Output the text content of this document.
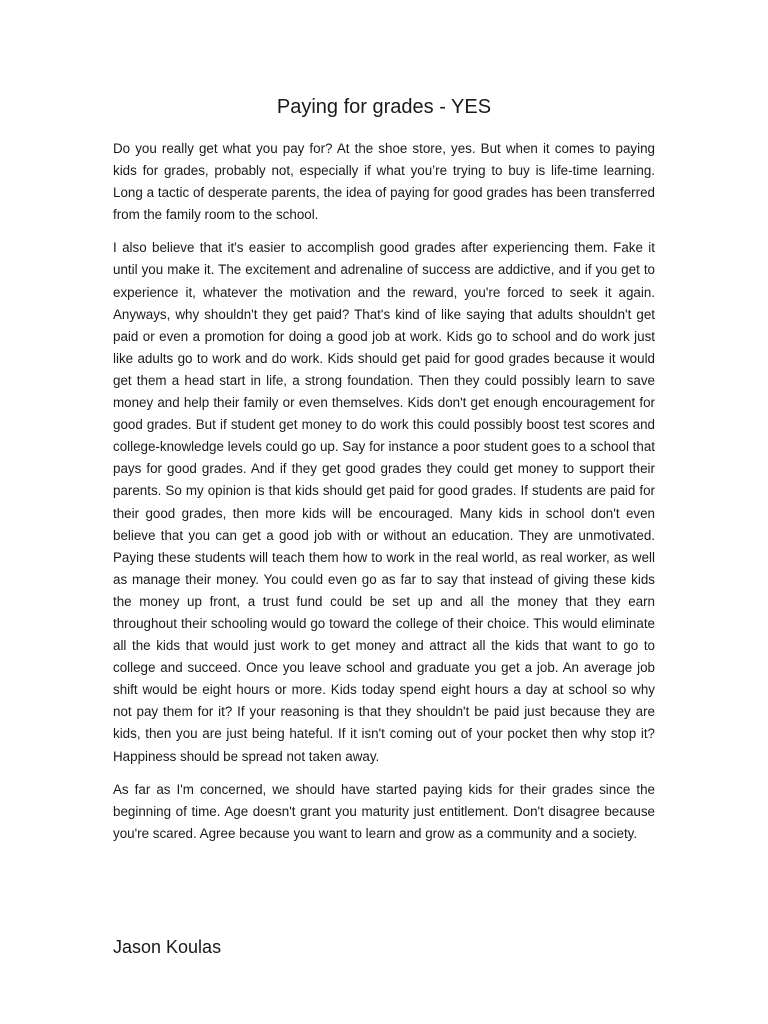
Paying for grades - YES

Do you really get what you pay for? At the shoe store, yes. But when it comes to paying kids for grades, probably not, especially if what you’re trying to buy is life-time learning. Long a tactic of desperate parents, the idea of paying for good grades has been transferred from the family room to the school.

I also believe that it's easier to accomplish good grades after experiencing them. Fake it until you make it. The excitement and adrenaline of success are addictive, and if you get to experience it, whatever the motivation and the reward, you're forced to seek it again. Anyways, why shouldn't they get paid? That's kind of like saying that adults shouldn't get paid or even a promotion for doing a good job at work. Kids go to school and do work just like adults go to work and do work. Kids should get paid for good grades because it would get them a head start in life, a strong foundation. Then they could possibly learn to save money and help their family or even themselves. Kids don't get enough encouragement for good grades. But if student get money to do work this could possibly boost test scores and college-knowledge levels could go up. Say for instance a poor student goes to a school that pays for good grades. And if they get good grades they could get money to support their parents. So my opinion is that kids should get paid for good grades. If students are paid for their good grades, then more kids will be encouraged. Many kids in school don't even believe that you can get a good job with or without an education. They are unmotivated. Paying these students will teach them how to work in the real world, as real worker, as well as manage their money. You could even go as far to say that instead of giving these kids the money up front, a trust fund could be set up and all the money that they earn throughout their schooling would go toward the college of their choice. This would eliminate all the kids that would just work to get money and attract all the kids that want to go to college and succeed. Once you leave school and graduate you get a job. An average job shift would be eight hours or more. Kids today spend eight hours a day at school so why not pay them for it? If your reasoning is that they shouldn't be paid just because they are kids, then you are just being hateful. If it isn't coming out of your pocket then why stop it? Happiness should be spread not taken away.

As far as I'm concerned, we should have started paying kids for their grades since the beginning of time. Age doesn't grant you maturity just entitlement. Don't disagree because you're scared. Agree because you want to learn and grow as a community and a society.

Jason Koulas
